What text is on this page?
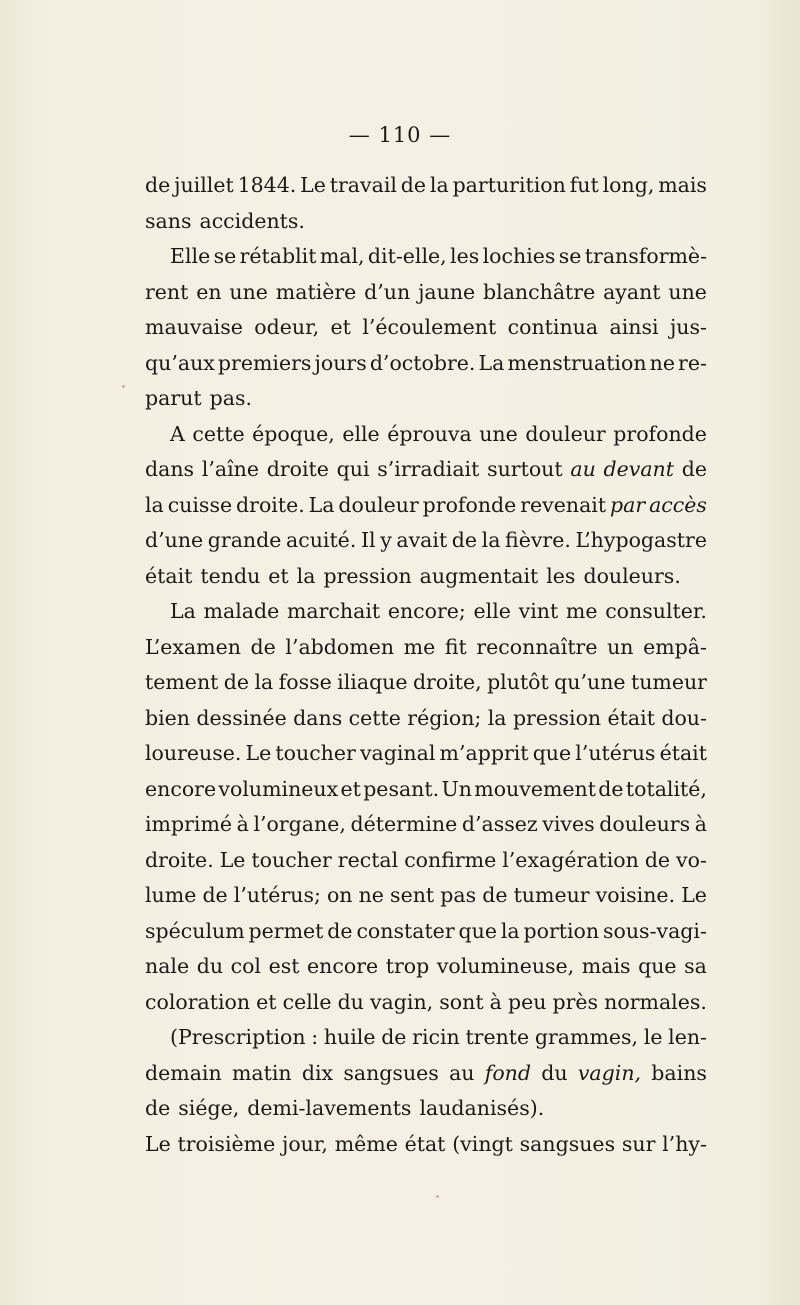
— 110 —
de juillet 1844. Le travail de la parturition fut long, mais
sans accidents.
Elle se rétablit mal, dit-elle, les lochies se transformè-
rent en une matière d’un jaune blanchâtre ayant une
mauvaise odeur, et l’écoulement continua ainsi jus-
qu’aux premiers jours d’octobre. La menstruation ne re-
parut pas.
A cette époque, elle éprouva une douleur profonde
dans l’aîne droite qui s’irradiait surtout au devant de
la cuisse droite. La douleur profonde revenait par accès
d’une grande acuité. Il y avait de la fièvre. L’hypogastre
était tendu et la pression augmentait les douleurs.
La malade marchait encore; elle vint me consulter.
L’examen de l’abdomen me fit reconnaître un empâ-
tement de la fosse iliaque droite, plutôt qu’une tumeur
bien dessinée dans cette région; la pression était dou-
loureuse. Le toucher vaginal m’apprit que l’utérus était
encore volumineux et pesant. Un mouvement de totalité,
imprimé à l’organe, détermine d’assez vives douleurs à
droite. Le toucher rectal confirme l’exagération de vo-
lume de l’utérus; on ne sent pas de tumeur voisine. Le
spéculum permet de constater que la portion sous-vagi-
nale du col est encore trop volumineuse, mais que sa
coloration et celle du vagin, sont à peu près normales.
(Prescription : huile de ricin trente grammes, le len-
demain matin dix sangsues au fond du vagin, bains
de siége, demi-lavements laudanisés).
Le troisième jour, même état (vingt sangsues sur l’hy-
